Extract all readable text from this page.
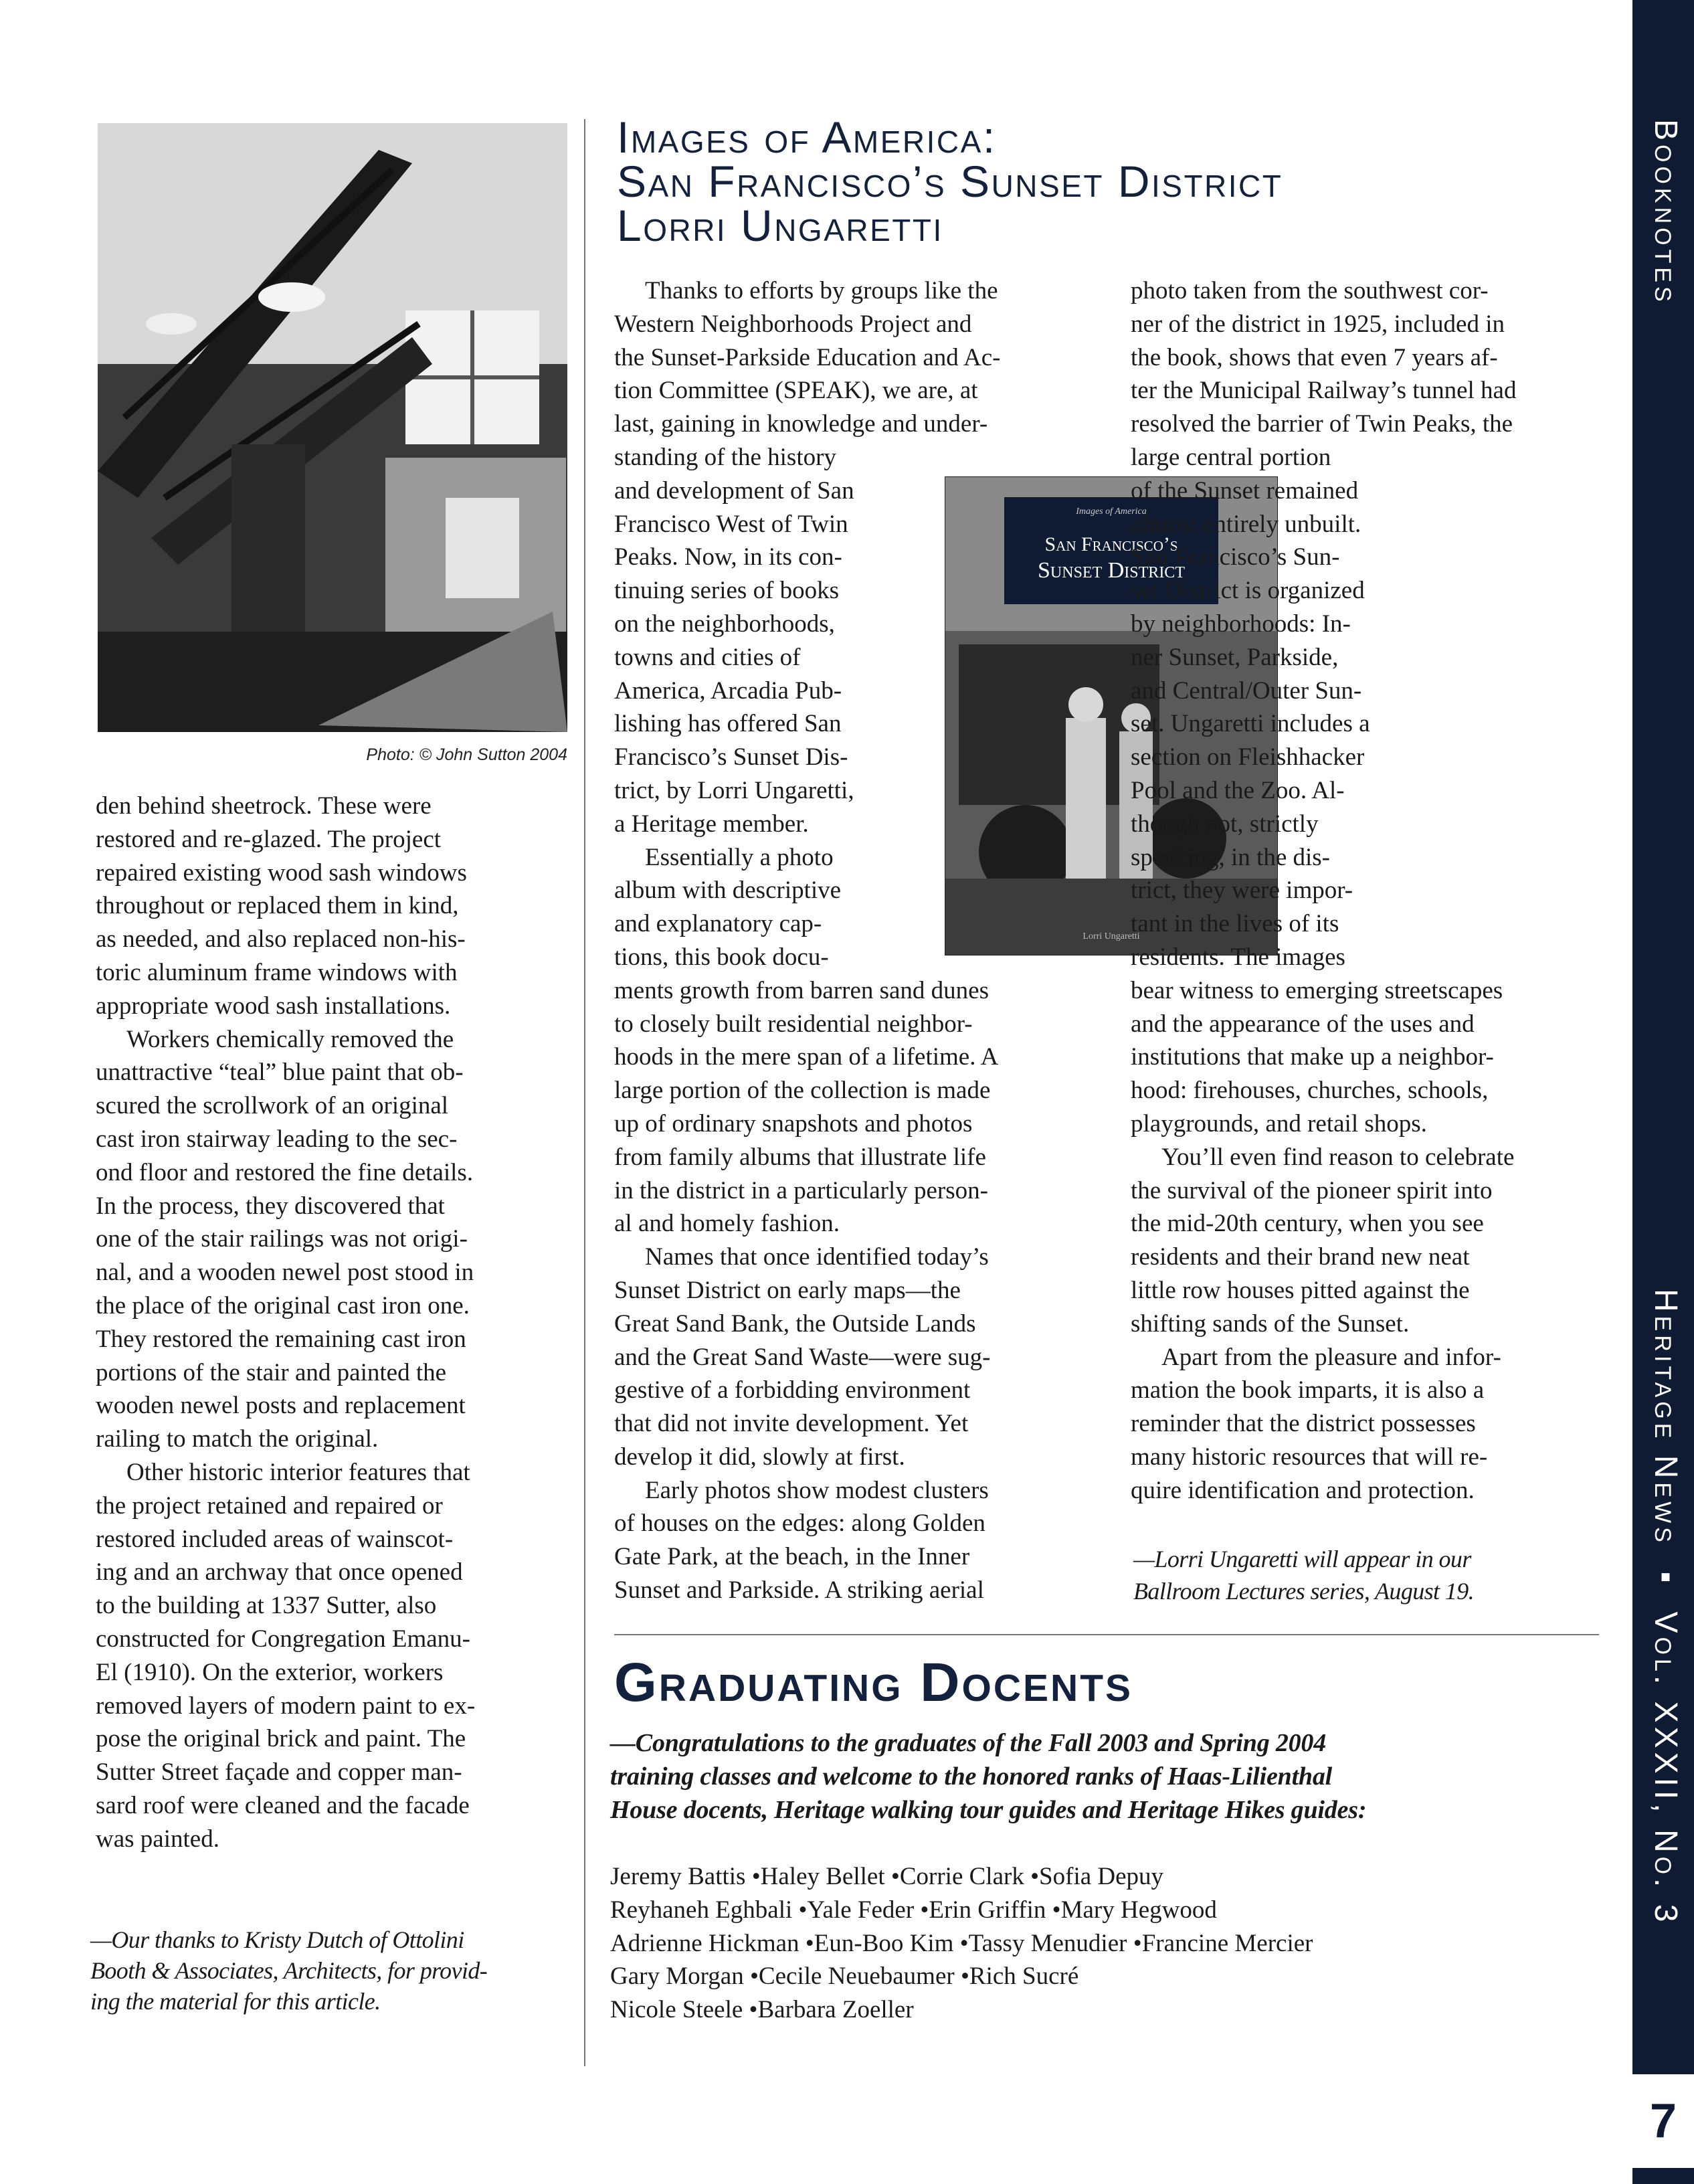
Photo: © John Sutton 2004

den behind sheetrock. These were
restored and re-glazed. The project
repaired existing wood sash windows
throughout or replaced them in kind,
as needed, and also replaced non-his-
toric aluminum frame windows with
appropriate wood sash installations.

Workers chemically removed the
unattractive “teal” blue paint that ob-
scured the scrollwork of an original
cast iron stairway leading to the sec-
ond floor and restored the fine details.
In the process, they discovered that
one of the stair railings was not origi-
nal, and a wooden newel post stood in
the place of the original cast iron one.
They restored the remaining cast iron
portions of the stair and painted the
wooden newel posts and replacement
railing to match the original.

Other historic interior features that
the project retained and repaired or
restored included areas of wainscot-
ing and an archway that once opened
to the building at 1337 Sutter, also
constructed for Congregation Emanu-
El (1910). On the exterior, workers
removed layers of modern paint to ex-
pose the original brick and paint. The
Sutter Street façade and copper man-
sard roof were cleaned and the facade
was painted.

—Our thanks to Kristy Dutch of Ottolini
Booth & Associates, Architects, for provid-
ing the material for this article.

Images of America:
San Francisco’s Sunset District
Lorri Ungaretti

Thanks to efforts by groups like the
Western Neighborhoods Project and
the Sunset-Parkside Education and Ac-
tion Committee (SPEAK), we are, at
last, gaining in knowledge and under-
standing of the history
and development of San
Francisco West of Twin
Peaks. Now, in its con-
tinuing series of books
on the neighborhoods,
towns and cities of
America, Arcadia Pub-
lishing has offered San
Francisco’s Sunset Dis-
trict, by Lorri Ungaretti,
a Heritage member.

Essentially a photo
album with descriptive
and explanatory cap-
tions, this book docu-
ments growth from barren sand dunes
to closely built residential neighbor-
hoods in the mere span of a lifetime. A
large portion of the collection is made
up of ordinary snapshots and photos
from family albums that illustrate life
in the district in a particularly person-
al and homely fashion.

Names that once identified today’s
Sunset District on early maps—the
Great Sand Bank, the Outside Lands
and the Great Sand Waste—were sug-
gestive of a forbidding environment
that did not invite development. Yet
develop it did, slowly at first.

Early photos show modest clusters
of houses on the edges: along Golden
Gate Park, at the beach, in the Inner
Sunset and Parkside. A striking aerial

Images of America
San Francisco’s
Sunset District
Lorri Ungaretti

photo taken from the southwest cor-
ner of the district in 1925, included in
the book, shows that even 7 years af-
ter the Municipal Railway’s tunnel had
resolved the barrier of Twin Peaks, the
large central portion
of the Sunset remained
almost entirely unbuilt.

San Francisco’s Sun-
set District is organized
by neighborhoods: In-
ner Sunset, Parkside,
and Central/Outer Sun-
set. Ungaretti includes a
section on Fleishhacker
Pool and the Zoo. Al-
though not, strictly
speaking, in the dis-
trict, they were impor-
tant in the lives of its
residents. The images
bear witness to emerging streetscapes
and the appearance of the uses and
institutions that make up a neighbor-
hood: firehouses, churches, schools,
playgrounds, and retail shops.

You’ll even find reason to celebrate
the survival of the pioneer spirit into
the mid-20th century, when you see
residents and their brand new neat
little row houses pitted against the
shifting sands of the Sunset.

Apart from the pleasure and infor-
mation the book imparts, it is also a
reminder that the district possesses
many historic resources that will re-
quire identification and protection.

—Lorri Ungaretti will appear in our
Ballroom Lectures series, August 19.

Graduating Docents

—Congratulations to the graduates of the Fall 2003 and Spring 2004
training classes and welcome to the honored ranks of Haas-Lilienthal
House docents, Heritage walking tour guides and Heritage Hikes guides:

Jeremy Battis •Haley Bellet •Corrie Clark •Sofia Depuy
Reyhaneh Eghbali •Yale Feder •Erin Griffin •Mary Hegwood
Adrienne Hickman •Eun-Boo Kim •Tassy Menudier •Francine Mercier
Gary Morgan •Cecile Neuebaumer •Rich Sucré
Nicole Steele •Barbara Zoeller
Booknotes
Heritage News ▪ Vol. XXXII, No. 3
7
